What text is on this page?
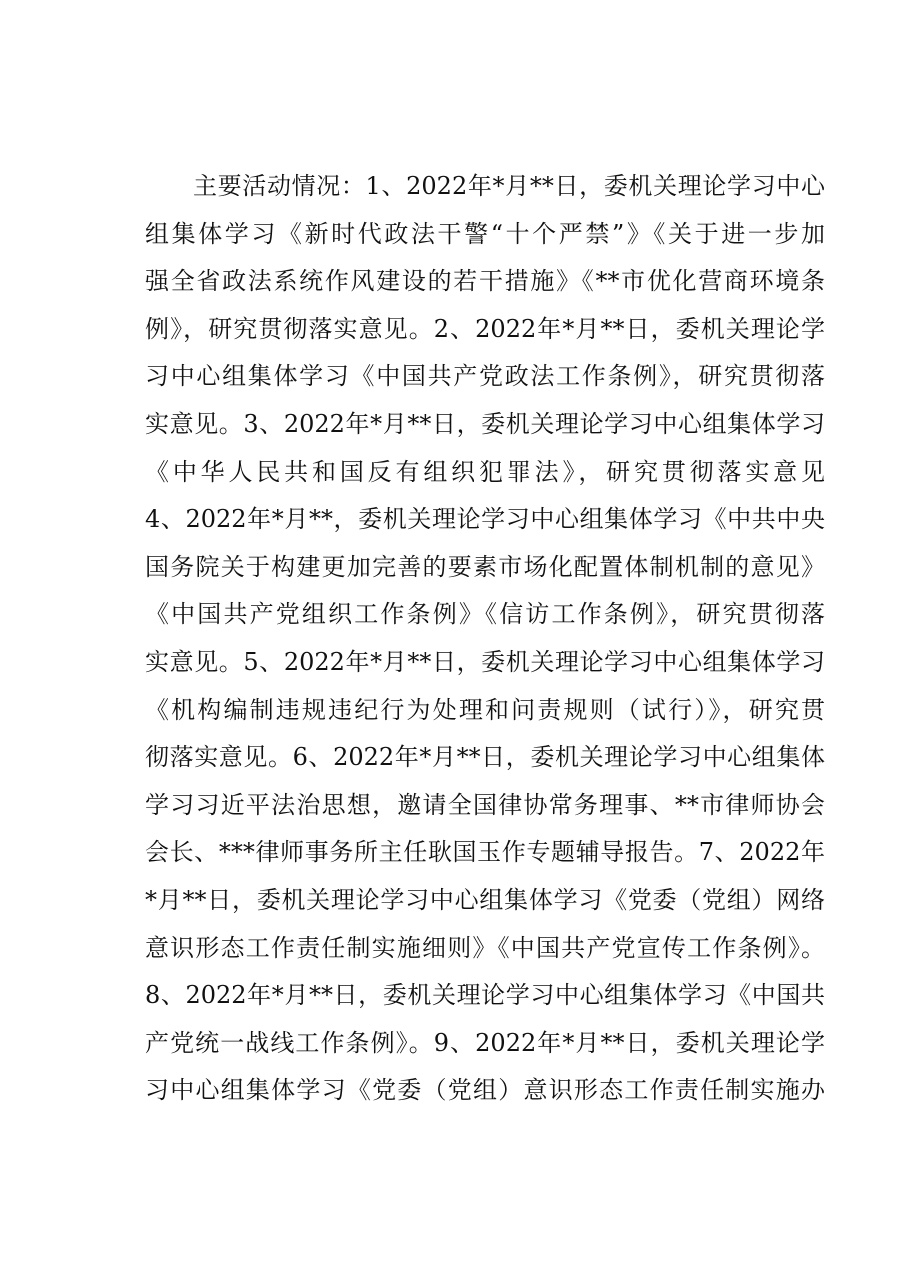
主要活动情况：1、2022年*月**日，委机关理论学习中心
组集体学习《新时代政法干警“十个严禁”》《关于进一步加
强全省政法系统作风建设的若干措施》《**市优化营商环境条
例》，研究贯彻落实意见。2、2022年*月**日，委机关理论学
习中心组集体学习《中国共产党政法工作条例》，研究贯彻落
实意见。3、2022年*月**日，委机关理论学习中心组集体学习
《中华人民共和国反有组织犯罪法》，研究贯彻落实意见
4、2022年*月**，委机关理论学习中心组集体学习《中共中央
国务院关于构建更加完善的要素市场化配置体制机制的意见》
《中国共产党组织工作条例》《信访工作条例》，研究贯彻落
实意见。5、2022年*月**日，委机关理论学习中心组集体学习
《机构编制违规违纪行为处理和问责规则（试行）》，研究贯
彻落实意见。6、2022年*月**日，委机关理论学习中心组集体
学习习近平法治思想，邀请全国律协常务理事、**市律师协会
会长、***律师事务所主任耿国玉作专题辅导报告。7、2022年
*月**日，委机关理论学习中心组集体学习《党委（党组）网络
意识形态工作责任制实施细则》《中国共产党宣传工作条例》。
8、2022年*月**日，委机关理论学习中心组集体学习《中国共
产党统一战线工作条例》。9、2022年*月**日，委机关理论学
习中心组集体学习《党委（党组）意识形态工作责任制实施办
